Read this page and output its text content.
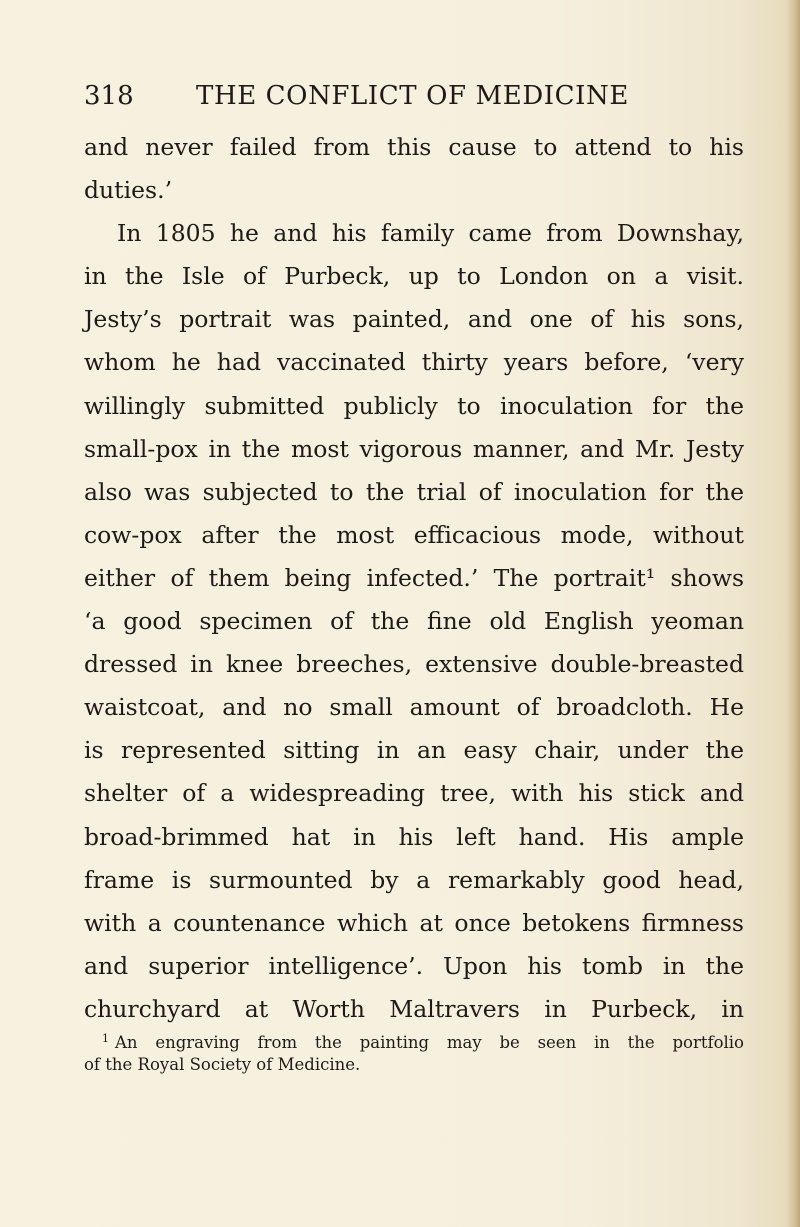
318 THE CONFLICT OF MEDICINE
and never failed from this cause to attend to his
duties.’
In 1805 he and his family came from Downshay,
in the Isle of Purbeck, up to London on a visit.
Jesty’s portrait was painted, and one of his sons,
whom he had vaccinated thirty years before, ‘very
willingly submitted publicly to inoculation for the
small-pox in the most vigorous manner, and Mr. Jesty
also was subjected to the trial of inoculation for the
cow-pox after the most efficacious mode, without
either of them being infected.’ The portrait¹ shows
‘a good specimen of the fine old English yeoman
dressed in knee breeches, extensive double-breasted
waistcoat, and no small amount of broadcloth. He
is represented sitting in an easy chair, under the
shelter of a widespreading tree, with his stick and
broad-brimmed hat in his left hand. His ample
frame is surmounted by a remarkably good head,
with a countenance which at once betokens firmness
and superior intelligence’. Upon his tomb in the
churchyard at Worth Maltravers in Purbeck, in
$^1$ An engraving from the painting may be seen in the portfolio
of the Royal Society of Medicine.
